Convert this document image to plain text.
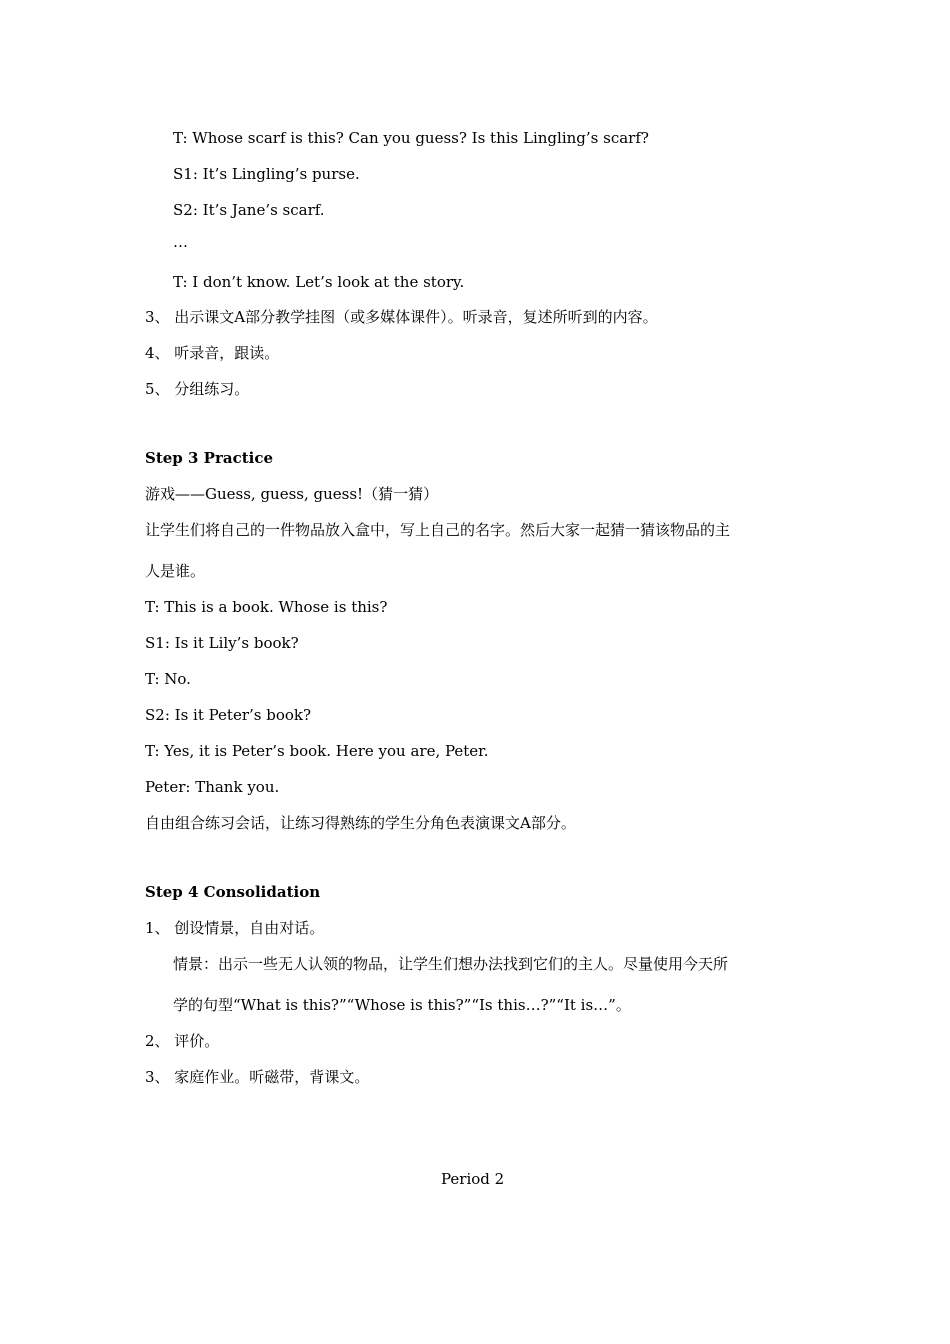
T: Whose scarf is this? Can you guess? Is this Lingling’s scarf?
S1: It’s Lingling’s purse.
S2: It’s Jane’s scarf.
…
T: I don’t know. Let’s look at the story.
3、 出示课文A部分教学挂图（或多媒体课件）。听录音，复述所听到的内容。
4、 听录音，跟读。
5、 分组练习。
Step 3 Practice
游戏——Guess, guess, guess!（猜一猜）
让学生们将自己的一件物品放入盒中，写上自己的名字。然后大家一起猜一猜该物品的主
人是谁。
T: This is a book. Whose is this?
S1: Is it Lily’s book?
T: No.
S2: Is it Peter’s book?
T: Yes, it is Peter’s book. Here you are, Peter.
Peter: Thank you.
自由组合练习会话，让练习得熟练的学生分角色表演课文A部分。
Step 4 Consolidation
1、 创设情景，自由对话。
情景：出示一些无人认领的物品，让学生们想办法找到它们的主人。尽量使用今天所
学的句型“What is this?”“Whose is this?”“Is this…?”“It is…”。
2、 评价。
3、 家庭作业。听磁带，背课文。
Period 2
